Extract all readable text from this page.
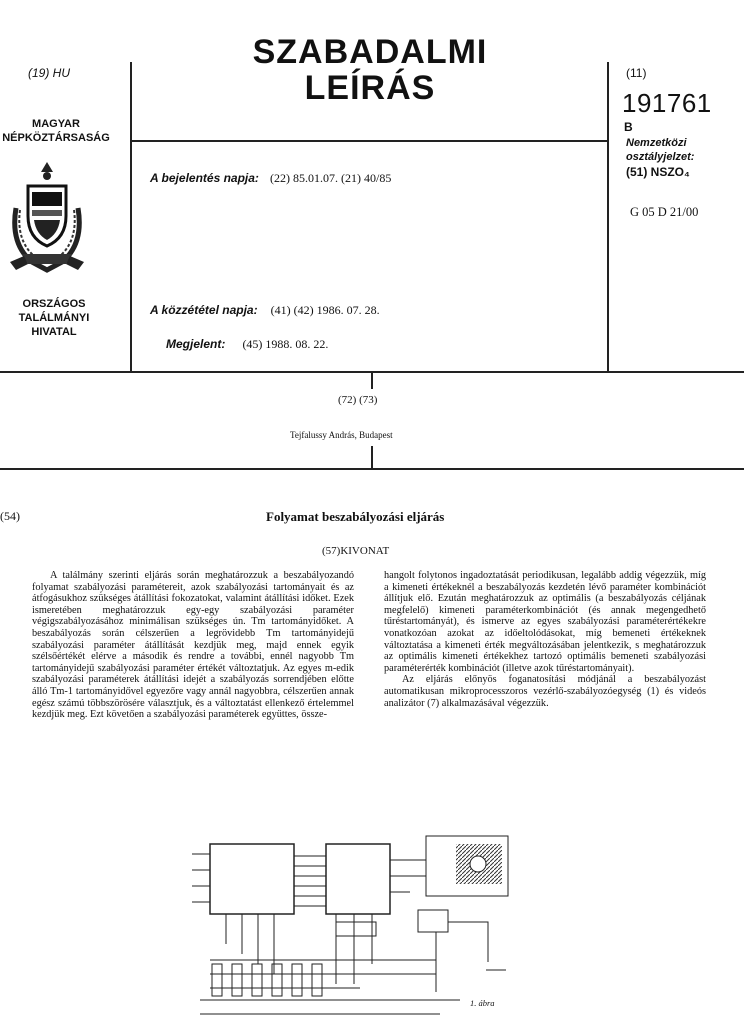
(19) HU
MAGYAR
NÉPKÖZTÁRSASÁG
ORSZÁGOS
TALÁLMÁNYI
HIVATAL
SZABADALMI
LEÍRÁS
A bejelentés napja: (22) 85.01.07. (21) 40/85
A közzététel napja: (41) (42) 1986. 07. 28.
Megjelent: (45) 1988. 08. 22.
(11)
191761
B
Nemzetközi
osztályjelzet:
(51) NSZO₄
G 05 D 21/00
(72) (73)
Tejfalussy András, Budapest
(54)	Folyamat beszabályozási eljárás
(57)KIVONAT

A találmány szerinti eljárás során meghatározzuk a beszabályozandó folyamat szabályozási paramétereit, azok szabályozási tartományait és az átfogásukhoz szükséges átállítási fokozatokat, valamint átállítási időket. Ezek ismeretében meghatározzuk egy-egy szabályozási paraméter végigszabályozásához minimálisan szükséges ún. Tm tartományidőket. A beszabályozás során célszerűen a legrövidebb Tm tartományidejű szabályozási paraméter átállítását kezdjük meg, majd ennek egyik szélsőértékét elérve a második és rendre a további, ennél nagyobb Tm tartományidejű szabályozási paraméter értékét változtatjuk. Az egyes m-edik szabályozási paraméterek átállítási idejét a szabályozás sorrendjében előtte álló Tm-1 tartományidővel egyezőre vagy annál nagyobbra, célszerűen annak egész számú többszörösére választjuk, és a változtatást ellenkező értelemmel kezdjük meg. Ezt követően a szabályozási paraméterek együttes, össze-

hangolt folytonos ingadoztatását periodikusan, legalább addig végezzük, míg a kimeneti értékeknél a beszabályozás kezdetén lévő paraméter kombinációt állítjuk elő. Ezután meghatározzuk az optimális (a beszabályozás céljának megfelelő) kimeneti paraméterkombinációt (és annak megengedhető tűréstartományát), és ismerve az egyes szabályozási paraméterértékekre vonatkozóan azokat az időeltolódásokat, míg bemeneti értékeknek változtatása a kimeneti érték megváltozásában jelentkezik, s meghatározzuk az optimális kimeneti értékekhez tartozó optimális bemeneti szabályozási paraméterérték kombinációt (illetve azok tűréstartományait).

Az eljárás előnyös foganatosítási módjánál a beszabályozást automatikusan mikroprocesszoros vezérlő-szabályozóegység (1) és videós analizátor (7) alkalmazásával végezzük.

1. ábra
